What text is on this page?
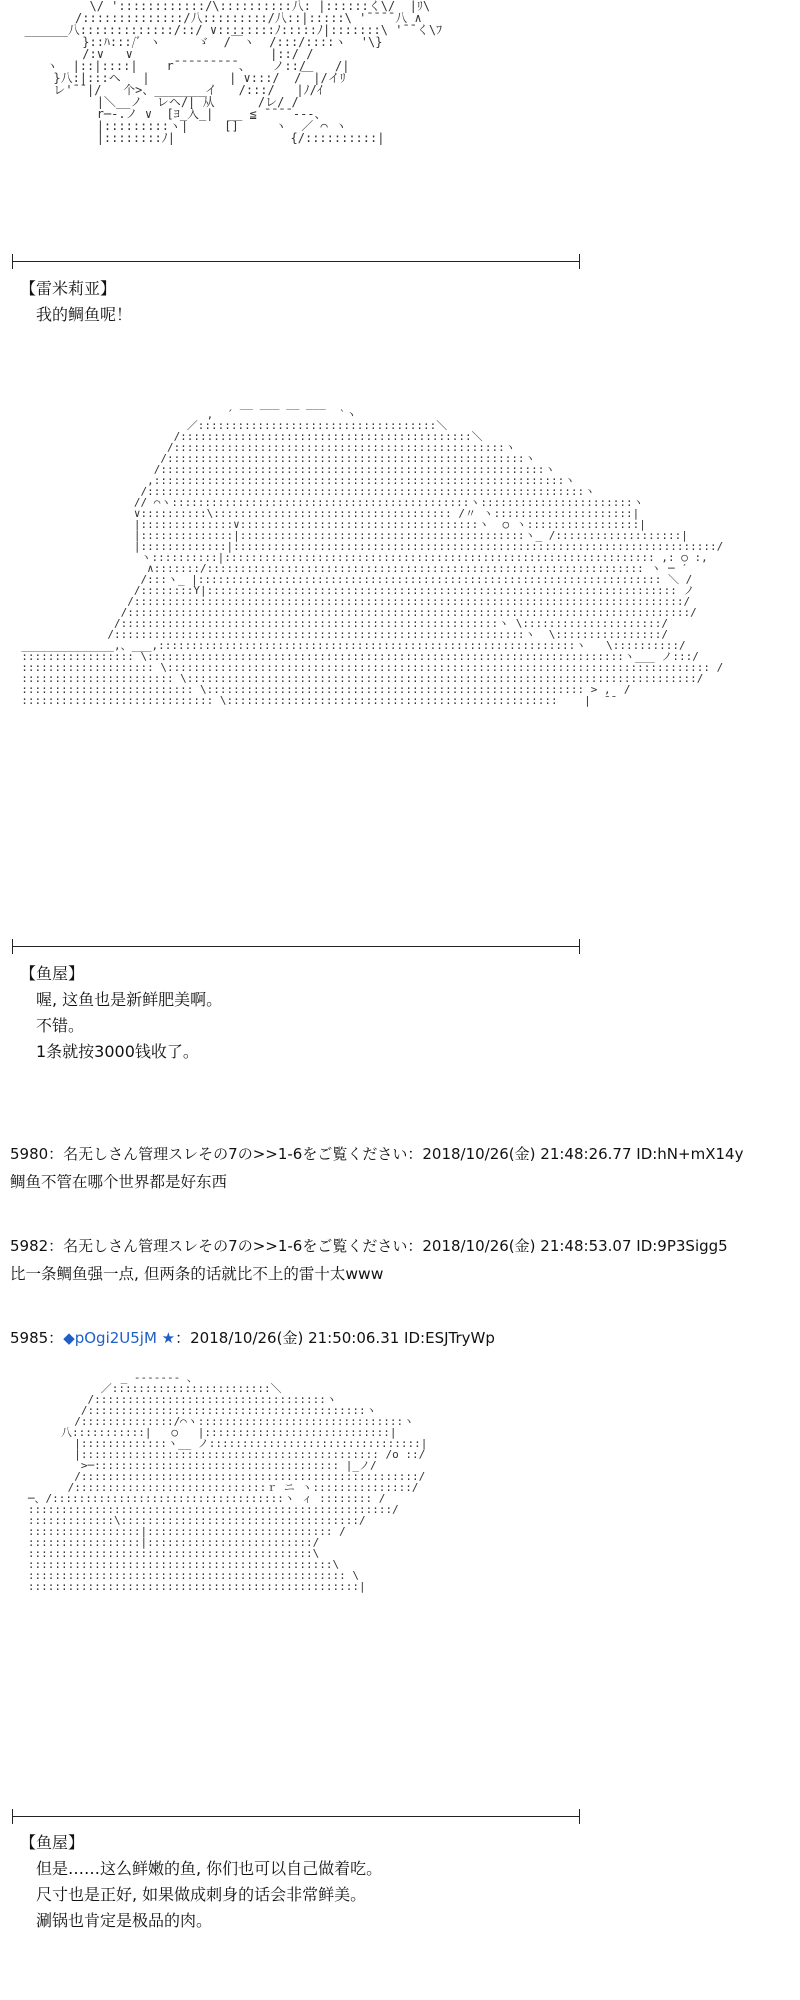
\/ '::::::::::::/\::::::::::八: |::::::く\/  |ﾘ\
/::::::::::::::/八:::::::::/八::|:::::\ '¯¯¯¯八 ∧
______八:::::::::::::/::/ ∨::::::::ﾉ:::::ﾉ|:::::::\ '¯¯く\ﾌ
}::ﾊ:::/ﾞ ヽ     ゞ  /￣ヽ  /:::/::::ヽ  '\}
/:∨   ∨                   |::/ /
ヽ  |::|::::|    r¯¯¯¯¯¯¯¯¯、   ノ::/    /|
}八:|:::ヘ   |           | ∨:::/  /￣|/イﾘ
レ'¯¯|/   个>、_______イ   /:::/   |ﾉ/ｲ
|＼__ノ  レヘ/| 从      /レ/ /
r─-.ノ ∨  [ﾖ_入_|  __ ≦ ¯¯¯¯‐‐‐、
|:::::::::ヽ|     []     ヽ  ／ ⌒ ヽ
|::::::::ﾉ|                {/::::::::::|

【雷米莉亚】
我的鲷鱼呢！
__ ___ __ ___
,  ´                `ヽ
／::::::::::::::::::::::::::::::::::::＼
/::::::::::::::::::::::::::::::::::::::::::::＼
/::::::::::::::::::::::::::::::::::::::::::::::::::ヽ
/::::::::::::::::::::::::::::::::::::::::::::::::::::::ヽ
/::::::::::::::::::::::::::::::::::::::::::::::::::::::::::ヽ
,::::::::::::::::::::::::::::::::::::::::::::::::::::::::::::::ヽ
/::::::::::::::::::::::::::::::::::::::::::::::::::::::::::::::::::ヽ
// ⌒ヽ:::::::::::::::::::::::::::::::::::::::::::::ヽ:::::::::::::::::::::::ヽ
∨::::::::::\:::::::::::::::::::::::::::::::::::: /〃 ヽ:::::::::::::::::::::|
|::::::::::::::∨::::::::::::::::::::::::::::::::::::ヽ  ○ ヽ:::::::::::::::::|
|::::::::::::::|:::::::::::::::::::::::::::::::::::::::::::ヽ_ /:::::::::::::::::::|
|:::::::::::::|:::::::::::::::::::::::::::::::::::::::::::::::::::::::::::::::::::::::::/
ヽ::::::::::|::::::::::::::::::::::::::::::::::::::::::::::::::::::::::::::::: ,: ○ :,
∧:::::::/:::::::::::::::::::::::::::::::::::::::::::::::::::::::::::::::::: ヽ ─ ′
/:::ヽ_ |:::::::::::::::::::::::::::::::::::::::::::::::::::::::::::::::::::::: ＼ /
/::::::::Y|::::::::::::::::::::::::::::::::::::::::::::::::::::::::::::::::::::::: ノ
/:::::::::::::::::::::::::::::::::::::::::::::::::::::::::::::::::::::::::::::::::::/
/:::::::::::::::::::::::::::::::::::::::::::::::::::::::::::::::::::::::::::::::::::::/
/:::::::::::::::::::::::::::::::::::::::::::::::::::::::::ヽ \:::::::::::::::::::::/
/::::::::::::::::::::::::::::::::::::::::::::::::::::::::::::::ヽ  \::::::::::::::::/
______________,、___,:::::::::::::::::::::::::::::::::::::::::::::::::::::::::::::::ヽ   \::::::::::/
::::::::::::::::: \::::::::::::::::::::::::::::::::::::::::::::::::::::::::::::::::::::::::ヽ___ ノ:::/
:::::::::::::::::::: \:::::::::::::::::::::::::::::::::::::::::::::::::::::::::::::::::::::::::::::::::: /
::::::::::::::::::::::: \:::::::::::::::::::::::::::::::::::::::::::::::::::::::::::::::::::::::::::::/
:::::::::::::::::::::::::: \::::::::::::::::::::::::::::::::::::::::::::::::::::::::: > ,  /
::::::::::::::::::::::::::::: \::::::::::::::::::::::::::::::::::::::::::::::::::    |  ¯¯

【鱼屋】
喔, 这鱼也是新鲜肥美啊。
不错。
1条就按3000钱收了。
5980：名无しさん管理スレその7の>>1-6をご覧ください：2018/10/26(金) 21:48:26.77 ID:hN+mX14y
鲷鱼不管在哪个世界都是好东西
5982：名无しさん管理スレその7の>>1-6をご覧ください：2018/10/26(金) 21:48:53.07 ID:9P3Sigg5
比一条鲷鱼强一点, 但两条的话就比不上的雷十太www
5985：◆pOgi2U5jM ★：2018/10/26(金) 21:50:06.31 ID:ESJTryWp
_ ‐‐‐‐‐‐‐ 、
／::::::::::::::::::::::::＼
/:::::::::::::::::::::::::::::::::::ヽ
/::::::::::::::::::::::::::::::::::::::::::ヽ
/::::::::::::::/⌒ヽ:::::::::::::::::::::::::::::::ヽ
八:::::::::::|   ○   |::::::::::::::::::::::::::::|
|:::::::::::::ヽ__ ノ::::::::::::::::::::::::::::::::|
|::::::::::::::::::::::::::::::::::::::::::::: /o ::/
>─::::::::::::::::::::::::::::::::::::: |_ノ/
/:::::::::::::::::::::::::::::::::::::::::::::::::::/
/:::::::::::::::::::::::::::::ｒ ニ ヽ:::::::::::::::/
─、/:::::::::::::::::::::::::::::::::::ヽ ィ :::::::: /
:::::::::::::::::::::::::::::::::::::::::::::::::::::::/
:::::::::::::\::::::::::::::::::::::::::::::::::::/
:::::::::::::::::|:::::::::::::::::::::::::::: /
:::::::::::::::::|:::::::::::::::::::::::::/
:::::::::::::::::::::::::::::::::::::::::::\
::::::::::::::::::::::::::::::::::::::::::::::\
:::::::::::::::::::::::::::::::::::::::::::::::: \
::::::::::::::::::::::::::::::::::::::::::::::::::|

【鱼屋】
但是……这么鲜嫩的鱼, 你们也可以自己做着吃。
尺寸也是正好, 如果做成刺身的话会非常鲜美。
涮锅也肯定是极品的肉。
